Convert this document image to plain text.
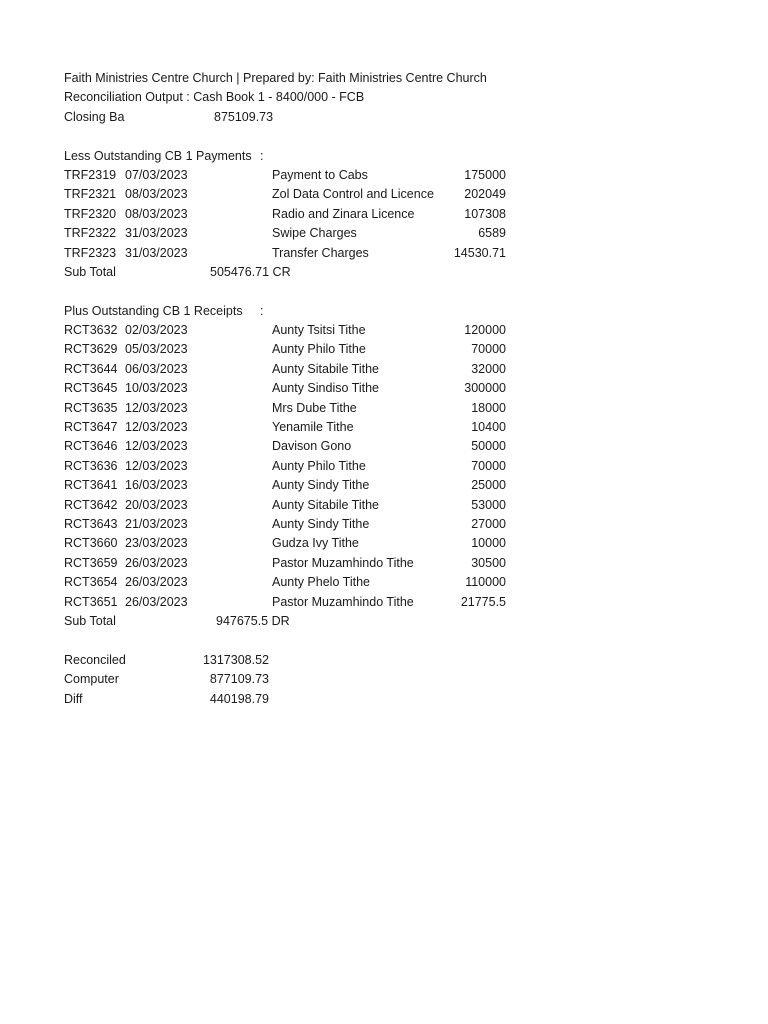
Faith Ministries Centre Church | Prepared by: Faith Ministries Centre Church
Reconciliation Output : Cash Book 1 - 8400/000 - FCB
Closing Ba	875109.73
Less Outstanding CB 1 Payments :
TRF2319 07/03/2023	Payment to Cabs	175000
TRF2321 08/03/2023	Zol Data Control and Licence 202049
TRF2320 08/03/2023	Radio and Zinara Licence	107308
TRF2322 31/03/2023	Swipe Charges	6589
TRF2323 31/03/2023	Transfer Charges	14530.71
Sub Total	505476.71 CR
Plus Outstanding CB 1 Receipts :
RCT3632 02/03/2023	Aunty Tsitsi Tithe	120000
RCT3629 05/03/2023	Aunty Philo Tithe	70000
RCT3644 06/03/2023	Aunty Sitabile Tithe	32000
RCT3645 10/03/2023	Aunty Sindiso Tithe	300000
RCT3635 12/03/2023	Mrs Dube Tithe	18000
RCT3647 12/03/2023	Yenamile Tithe	10400
RCT3646 12/03/2023	Davison Gono	50000
RCT3636 12/03/2023	Aunty Philo Tithe	70000
RCT3641 16/03/2023	Aunty Sindy Tithe	25000
RCT3642 20/03/2023	Aunty Sitabile Tithe	53000
RCT3643 21/03/2023	Aunty Sindy Tithe	27000
RCT3660 23/03/2023	Gudza Ivy Tithe	10000
RCT3659 26/03/2023	Pastor Muzamhindo Tithe	30500
RCT3654 26/03/2023	Aunty Phelo Tithe	110000
RCT3651 26/03/2023	Pastor Muzamhindo Tithe	21775.5
Sub Total	947675.5 DR
Reconciled	1317308.52
Computer	877109.73
Diff	440198.79
